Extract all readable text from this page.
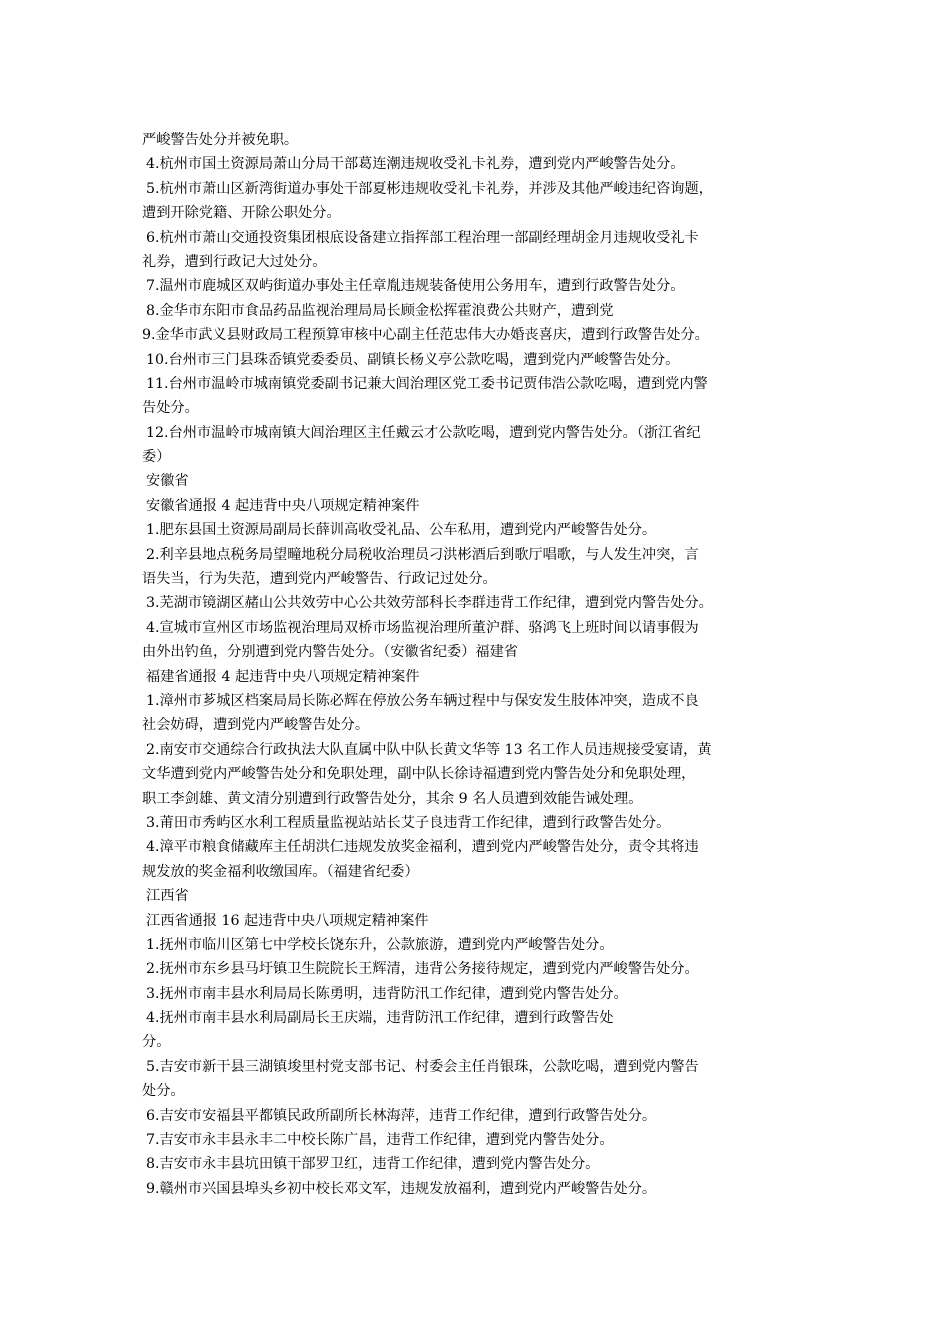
严峻警告处分并被免职。
4.杭州市国土资源局萧山分局干部葛连潮违规收受礼卡礼券，遭到党内严峻警告处分。
5.杭州市萧山区新湾街道办事处干部夏彬违规收受礼卡礼券，并涉及其他严峻违纪咨询题，
遭到开除党籍、开除公职处分。
6.杭州市萧山交通投资集团根底设备建立指挥部工程治理一部副经理胡金月违规收受礼卡
礼券，遭到行政记大过处分。
7.温州市鹿城区双屿街道办事处主任章胤违规装备使用公务用车，遭到行政警告处分。
8.金华市东阳市食品药品监视治理局局长顾金松挥霍浪费公共财产，遭到党
9.金华市武义县财政局工程预算审核中心副主任范忠伟大办婚丧喜庆，遭到行政警告处分。
10.台州市三门县珠岙镇党委委员、副镇长杨义亭公款吃喝，遭到党内严峻警告处分。
11.台州市温岭市城南镇党委副书记兼大闾治理区党工委书记贾伟浩公款吃喝，遭到党内警
告处分。
12.台州市温岭市城南镇大闾治理区主任戴云才公款吃喝，遭到党内警告处分。（浙江省纪
委）
安徽省
安徽省通报 4 起违背中央八项规定精神案件
1.肥东县国土资源局副局长薛训高收受礼品、公车私用，遭到党内严峻警告处分。
2.利辛县地点税务局望疃地税分局税收治理员刁洪彬酒后到歌厅唱歌，与人发生冲突，言
语失当，行为失范，遭到党内严峻警告、行政记过处分。
3.芜湖市镜湖区赭山公共效劳中心公共效劳部科长李群违背工作纪律，遭到党内警告处分。
4.宣城市宣州区市场监视治理局双桥市场监视治理所董沪群、骆鸿飞上班时间以请事假为
由外出钓鱼，分别遭到党内警告处分。（安徽省纪委）福建省
福建省通报 4 起违背中央八项规定精神案件
1.漳州市芗城区档案局局长陈必辉在停放公务车辆过程中与保安发生肢体冲突，造成不良
社会妨碍，遭到党内严峻警告处分。
2.南安市交通综合行政执法大队直属中队中队长黄文华等 13 名工作人员违规接受宴请，黄
文华遭到党内严峻警告处分和免职处理，副中队长徐诗福遭到党内警告处分和免职处理，
职工李剑雄、黄文清分别遭到行政警告处分，其余 9 名人员遭到效能告诫处理。
3.莆田市秀屿区水利工程质量监视站站长艾子良违背工作纪律，遭到行政警告处分。
4.漳平市粮食储藏库主任胡洪仁违规发放奖金福利，遭到党内严峻警告处分，责令其将违
规发放的奖金福利收缴国库。（福建省纪委）
江西省
江西省通报 16 起违背中央八项规定精神案件
1.抚州市临川区第七中学校长饶东升，公款旅游，遭到党内严峻警告处分。
2.抚州市东乡县马圩镇卫生院院长王辉清，违背公务接待规定，遭到党内严峻警告处分。
3.抚州市南丰县水利局局长陈勇明，违背防汛工作纪律，遭到党内警告处分。
4.抚州市南丰县水利局副局长王庆端，违背防汛工作纪律，遭到行政警告处
分。
5.吉安市新干县三湖镇埈里村党支部书记、村委会主任肖银珠，公款吃喝，遭到党内警告
处分。
6.吉安市安福县平都镇民政所副所长林海萍，违背工作纪律，遭到行政警告处分。
7.吉安市永丰县永丰二中校长陈广昌，违背工作纪律，遭到党内警告处分。
8.吉安市永丰县坑田镇干部罗卫红，违背工作纪律，遭到党内警告处分。
9.赣州市兴国县埠头乡初中校长邓文军，违规发放福利，遭到党内严峻警告处分。
